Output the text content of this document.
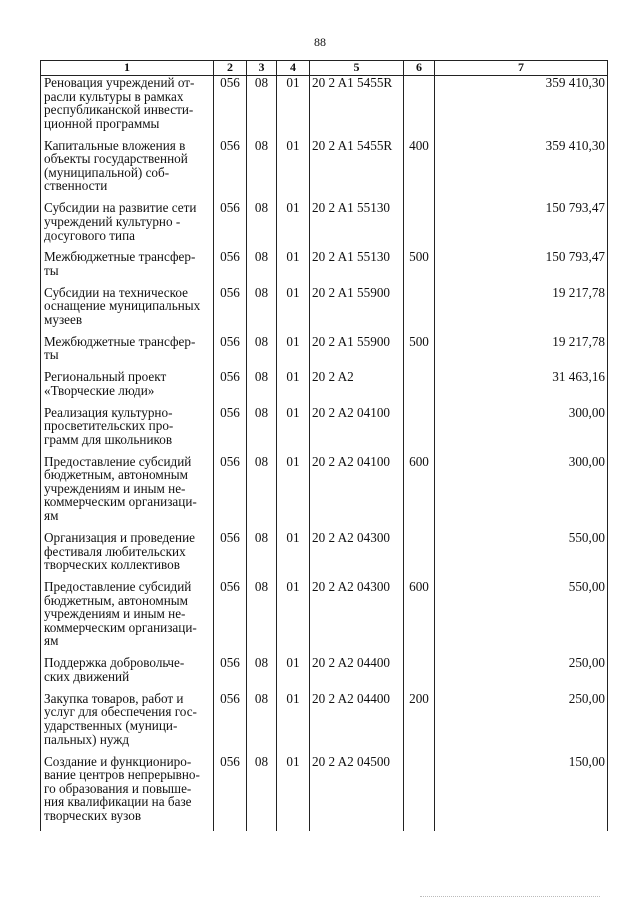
88
1	2	3	4	5	6	7
Реновация учреждений от-
расли культуры в рамках
республиканской инвести-
ционной программы	056	08	01	20 2 A1 5455R		359 410,30
Капитальные вложения в
объекты государственной
(муниципальной) соб-
ственности	056	08	01	20 2 A1 5455R	400	359 410,30
Субсидии на развитие сети
учреждений культурно -
досугового типа	056	08	01	20 2 A1 55130		150 793,47
Межбюджетные трансфер-
ты	056	08	01	20 2 A1 55130	500	150 793,47
Субсидии на техническое
оснащение муниципальных
музеев	056	08	01	20 2 A1 55900		19 217,78
Межбюджетные трансфер-
ты	056	08	01	20 2 A1 55900	500	19 217,78
Региональный проект
«Творческие люди»	056	08	01	20 2 A2		31 463,16
Реализация культурно-
просветительских про-
грамм для школьников	056	08	01	20 2 A2 04100		300,00
Предоставление субсидий
бюджетным, автономным
учреждениям и иным не-
коммерческим организаци-
ям	056	08	01	20 2 A2 04100	600	300,00
Организация и проведение
фестиваля любительских
творческих коллективов	056	08	01	20 2 A2 04300		550,00
Предоставление субсидий
бюджетным, автономным
учреждениям и иным не-
коммерческим организаци-
ям	056	08	01	20 2 A2 04300	600	550,00
Поддержка добровольче-
ских движений	056	08	01	20 2 A2 04400		250,00
Закупка товаров, работ и
услуг для обеспечения гос-
ударственных (муници-
пальных) нужд	056	08	01	20 2 A2 04400	200	250,00
Создание и функциониро-
вание центров непрерывно-
го образования и повыше-
ния квалификации на базе
творческих вузов	056	08	01	20 2 A2 04500		150,00
